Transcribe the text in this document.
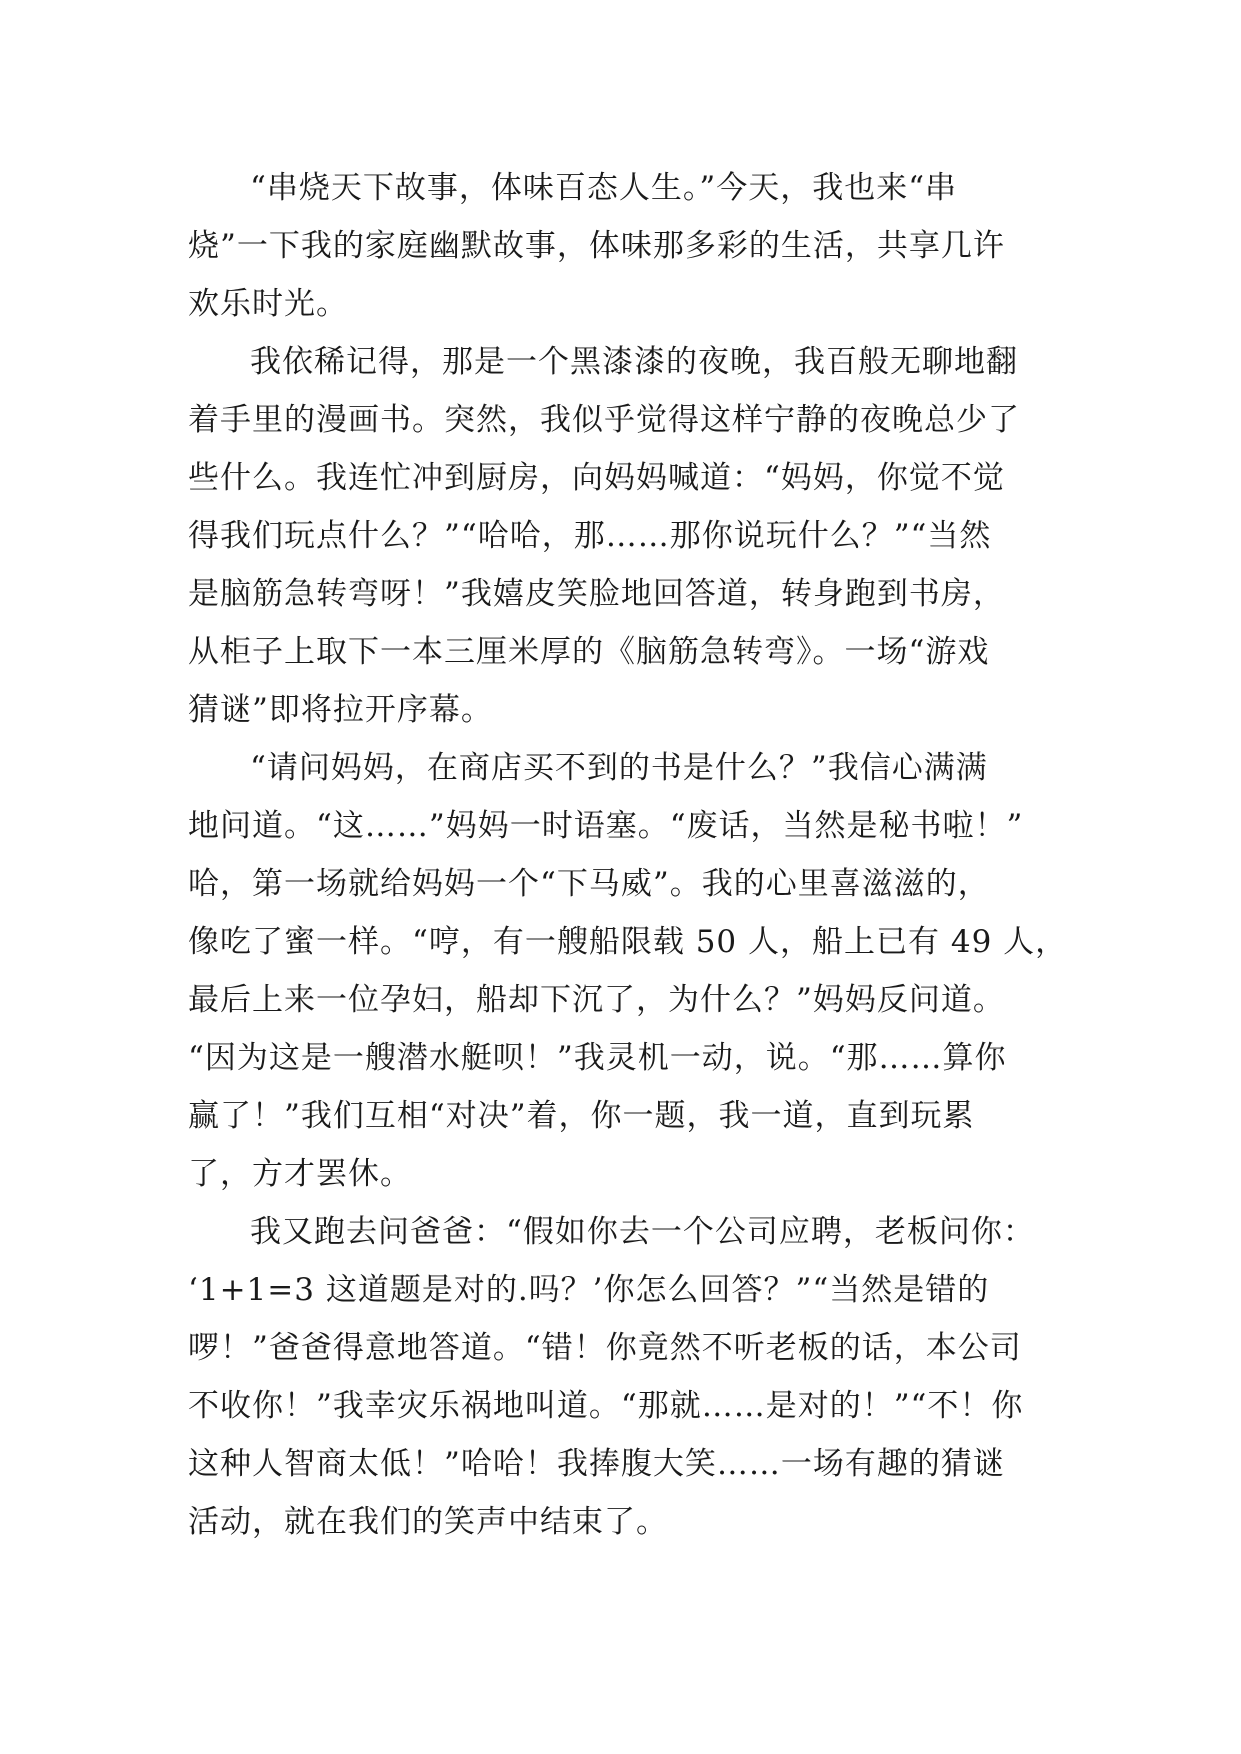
“串烧天下故事，体味百态人生。”今天，我也来“串
烧”一下我的家庭幽默故事，体味那多彩的生活，共享几许
欢乐时光。
我依稀记得，那是一个黑漆漆的夜晚，我百般无聊地翻
着手里的漫画书。突然，我似乎觉得这样宁静的夜晚总少了
些什么。我连忙冲到厨房，向妈妈喊道：“妈妈，你觉不觉
得我们玩点什么？”“哈哈，那……那你说玩什么？”“当然
是脑筋急转弯呀！”我嬉皮笑脸地回答道，转身跑到书房，
从柜子上取下一本三厘米厚的《脑筋急转弯》。一场“游戏
猜谜”即将拉开序幕。
“请问妈妈，在商店买不到的书是什么？”我信心满满
地问道。“这……”妈妈一时语塞。“废话，当然是秘书啦！”
哈，第一场就给妈妈一个“下马威”。我的心里喜滋滋的，
像吃了蜜一样。“哼，有一艘船限载 50 人，船上已有 49 人，
最后上来一位孕妇，船却下沉了，为什么？”妈妈反问道。
“因为这是一艘潜水艇呗！”我灵机一动，说。“那……算你
赢了！”我们互相“对决”着，你一题，我一道，直到玩累
了，方才罢休。
我又跑去问爸爸：“假如你去一个公司应聘，老板问你：
‘1+1=3 这道题是对的.吗？’你怎么回答？”“当然是错的
啰！”爸爸得意地答道。“错！你竟然不听老板的话，本公司
不收你！”我幸灾乐祸地叫道。“那就……是对的！”“不！你
这种人智商太低！”哈哈！我捧腹大笑……一场有趣的猜谜
活动，就在我们的笑声中结束了。
